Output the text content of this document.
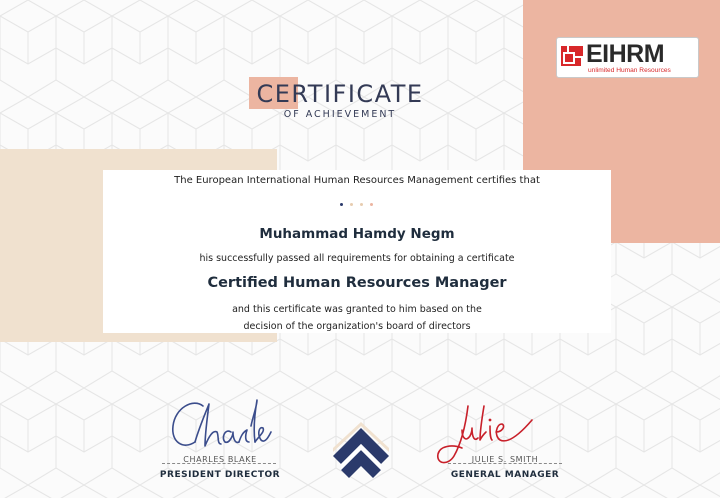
EIHRM
unlimited Human Resources
CERTIFICATE
OF ACHIEVEMENT
The European International Human Resources Management certifies that
Muhammad Hamdy Negm
his successfully passed all requirements for obtaining a certificate
Certified Human Resources Manager
and this certificate was granted to him based on the
decision of the organization's board of directors
CHARLES BLAKE
PRESIDENT DIRECTOR
JULIE S. SMITH
GENERAL MANAGER
